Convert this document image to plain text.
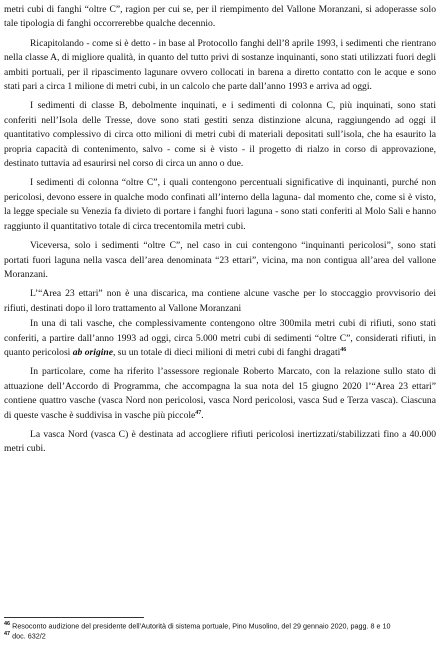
metri cubi di fanghi “oltre C”, ragion per cui se, per il riempimento del Vallone Moranzani, si adoperasse solo tale tipologia di fanghi occorrerebbe qualche decennio.

Ricapitolando - come si è detto - in base al Protocollo fanghi dell’8 aprile 1993, i sedimenti che rientrano nella classe A, di migliore qualità, in quanto del tutto privi di sostanze inquinanti, sono stati utilizzati fuori degli ambiti portuali, per il ripascimento lagunare ovvero collocati in barena a diretto contatto con le acque e sono stati pari a circa 1 milione di metri cubi, in un calcolo che parte dall’anno 1993 e arriva ad oggi.

I sedimenti di classe B, debolmente inquinati, e i sedimenti di colonna C, più inquinati, sono stati conferiti nell’Isola delle Tresse, dove sono stati gestiti senza distinzione alcuna, raggiungendo ad oggi il quantitativo complessivo di circa otto milioni di metri cubi di materiali depositati sull’isola, che ha esaurito la propria capacità di contenimento, salvo - come si è visto - il progetto di rialzo in corso di approvazione, destinato tuttavia ad esaurirsi nel corso di circa un anno o due.

I sedimenti di colonna “oltre C”, i quali contengono percentuali significative di inquinanti, purché non pericolosi, devono essere in qualche modo confinati all’interno della laguna- dal momento che, come si è visto, la legge speciale su Venezia fa divieto di portare i fanghi fuori laguna - sono stati conferiti al Molo Sali e hanno raggiunto il quantitativo totale di circa trecentomila metri cubi.

Viceversa, solo i sedimenti “oltre C”, nel caso in cui contengono “inquinanti pericolosi”, sono stati portati fuori laguna nella vasca dell’area denominata “23 ettari”, vicina, ma non contigua all’area del vallone Moranzani.

L’“Area 23 ettari” non è una discarica, ma contiene alcune vasche per lo stoccaggio provvisorio dei rifiuti, destinati dopo il loro trattamento al Vallone Moranzani

In una di tali vasche, che complessivamente contengono oltre 300mila metri cubi di rifiuti, sono stati conferiti, a partire dall’anno 1993 ad oggi, circa 5.000 metri cubi di sedimenti “oltre C”, considerati rifiuti, in quanto pericolosi ab origine, su un totale di dieci milioni di metri cubi di fanghi dragati$^{46}$

In particolare, come ha riferito l’assessore regionale Roberto Marcato, con la relazione sullo stato di attuazione dell’Accordo di Programma, che accompagna la sua nota del 15 giugno 2020 l’“Area 23 ettari” contiene quattro vasche (vasca Nord non pericolosi, vasca Nord pericolosi, vasca Sud e Terza vasca). Ciascuna di queste vasche è suddivisa in vasche più piccole$^{47}$.

La vasca Nord (vasca C) è destinata ad accogliere rifiuti pericolosi inertizzati/stabilizzati fino a 40.000 metri cubi.

$^{46}$ Resoconto audizione del presidente dell’Autorità di sistema portuale, Pino Musolino, del 29 gennaio 2020, pagg. 8 e 10
$^{47}$ doc. 632/2
